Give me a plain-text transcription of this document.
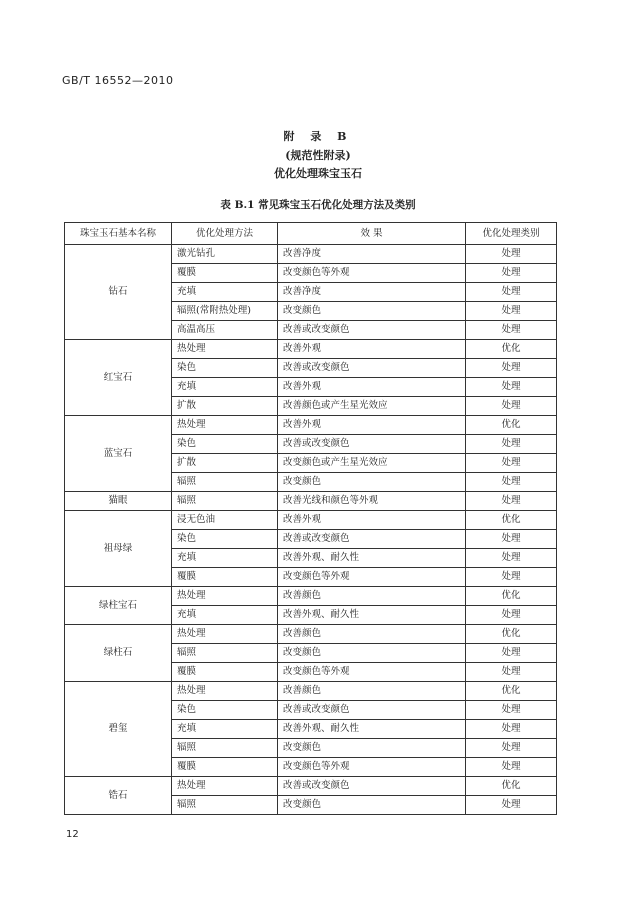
GB/T 16552—2010
附 录 B
(规范性附录)
优化处理珠宝玉石
表 B.1 常见珠宝玉石优化处理方法及类别
珠宝玉石基本名称	优化处理方法	效 果	优化处理类别
钻石	激光钻孔	改善净度	处理
	覆膜	改变颜色等外观	处理
	充填	改善净度	处理
	辐照(常附热处理)	改变颜色	处理
	高温高压	改善或改变颜色	处理
红宝石	热处理	改善外观	优化
	染色	改善或改变颜色	处理
	充填	改善外观	处理
	扩散	改善颜色或产生星光效应	处理
蓝宝石	热处理	改善外观	优化
	染色	改善或改变颜色	处理
	扩散	改变颜色或产生星光效应	处理
	辐照	改变颜色	处理
猫眼	辐照	改善光线和颜色等外观	处理
祖母绿	浸无色油	改善外观	优化
	染色	改善或改变颜色	处理
	充填	改善外观、耐久性	处理
	覆膜	改变颜色等外观	处理
绿柱宝石	热处理	改善颜色	优化
	充填	改善外观、耐久性	处理
绿柱石	热处理	改善颜色	优化
	辐照	改变颜色	处理
	覆膜	改变颜色等外观	处理
碧玺	热处理	改善颜色	优化
	染色	改善或改变颜色	处理
	充填	改善外观、耐久性	处理
	辐照	改变颜色	处理
	覆膜	改变颜色等外观	处理
锆石	热处理	改善或改变颜色	优化
	辐照	改变颜色	处理
12
